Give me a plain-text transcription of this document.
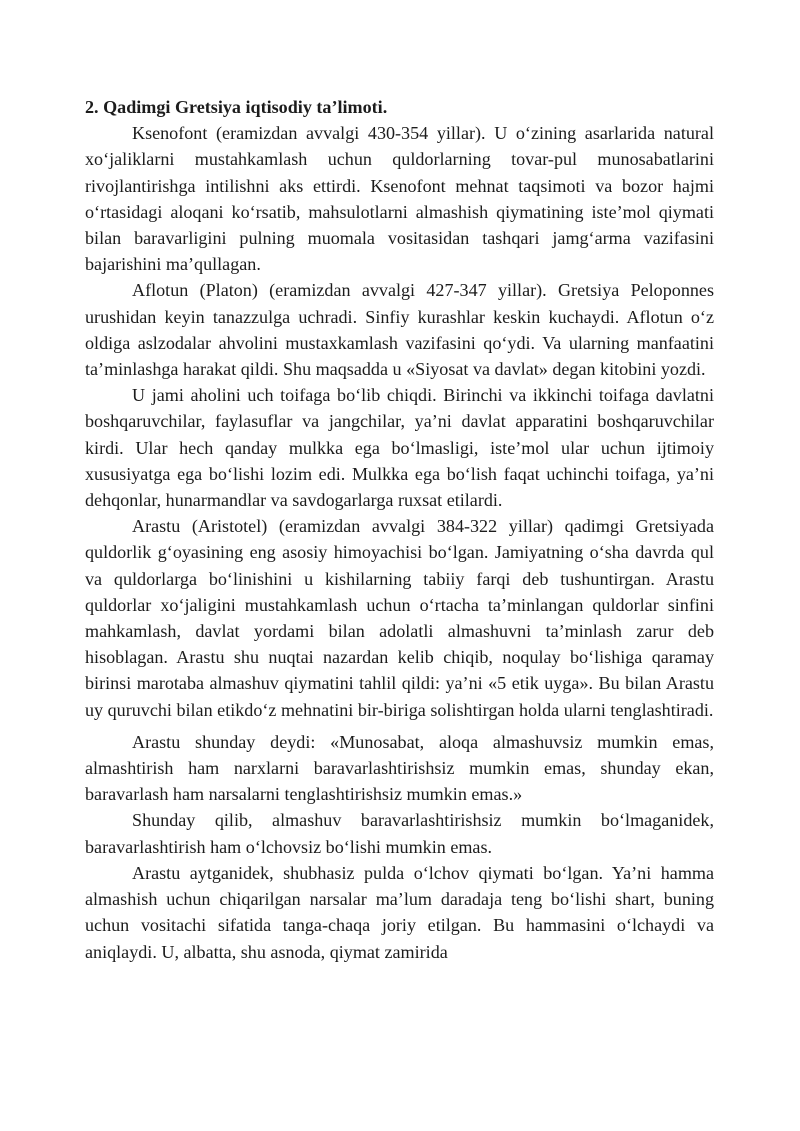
2. Qadimgi Gretsiya iqtisodiy ta’limoti.

Ksenofont (eramizdan avvalgi 430-354 yillar). U o‘zining asarlarida natural xo‘jaliklarni mustahkamlash uchun quldorlarning tovar-pul munosabatlarini rivojlantirishga intilishni aks ettirdi. Ksenofont mehnat taqsimoti va bozor hajmi o‘rtasidagi aloqani ko‘rsatib, mahsulotlarni almashish qiymatining iste’mol qiymati bilan baravarligini pulning muomala vositasidan tashqari jamg‘arma vazifasini bajarishini ma’qullagan.

Aflotun (Platon) (eramizdan avvalgi 427-347 yillar). Gretsiya Peloponnes urushidan keyin tanazzulga uchradi. Sinfiy kurashlar keskin kuchaydi. Aflotun o‘z oldiga aslzodalar ahvolini mustaxkamlash vazifasini qo‘ydi. Va ularning manfaatini ta’minlashga harakat qildi. Shu maqsadda u «Siyosat va davlat» degan kitobini yozdi.

U jami aholini uch toifaga bo‘lib chiqdi. Birinchi va ikkinchi toifaga davlatni boshqaruvchilar, faylasuflar va jangchilar, ya’ni davlat apparatini boshqaruvchilar kirdi. Ular hech qanday mulkka ega bo‘lmasligi, iste’mol ular uchun ijtimoiy xususiyatga ega bo‘lishi lozim edi. Mulkka ega bo‘lish faqat uchinchi toifaga, ya’ni dehqonlar, hunarmandlar va savdogarlarga ruxsat etilardi.

Arastu (Aristotel) (eramizdan avvalgi 384-322 yillar) qadimgi Gretsiyada quldorlik g‘oyasining eng asosiy himoyachisi bo‘lgan. Jamiyatning o‘sha davrda qul va quldorlarga bo‘linishini u kishilarning tabiiy farqi deb tushuntirgan. Arastu quldorlar xo‘jaligini mustahkamlash uchun o‘rtacha ta’minlangan quldorlar sinfini mahkamlash, davlat yordami bilan adolatli almashuvni ta’minlash zarur deb hisoblagan. Arastu shu nuqtai nazardan kelib chiqib, noqulay bo‘lishiga qaramay birinsi marotaba almashuv qiymatini tahlil qildi: ya’ni «5 etik uyga». Bu bilan Arastu uy quruvchi bilan etikdo‘z mehnatini bir-biriga solishtirgan holda ularni tenglashtiradi.

Arastu shunday deydi: «Munosabat, aloqa almashuvsiz mumkin emas, almashtirish ham narxlarni baravarlashtirishsiz mumkin emas, shunday ekan, baravarlash ham narsalarni tenglashtirishsiz mumkin emas.»

Shunday qilib, almashuv baravarlashtirishsiz mumkin bo‘lmaganidek, baravarlashtirish ham o‘lchovsiz bo‘lishi mumkin emas.

Arastu aytganidek, shubhasiz pulda o‘lchov qiymati bo‘lgan. Ya’ni hamma almashish uchun chiqarilgan narsalar ma’lum daradaja teng bo‘lishi shart, buning uchun vositachi sifatida tanga-chaqa joriy etilgan. Bu hammasini o‘lchaydi va aniqlaydi. U, albatta, shu asnoda, qiymat zamirida
